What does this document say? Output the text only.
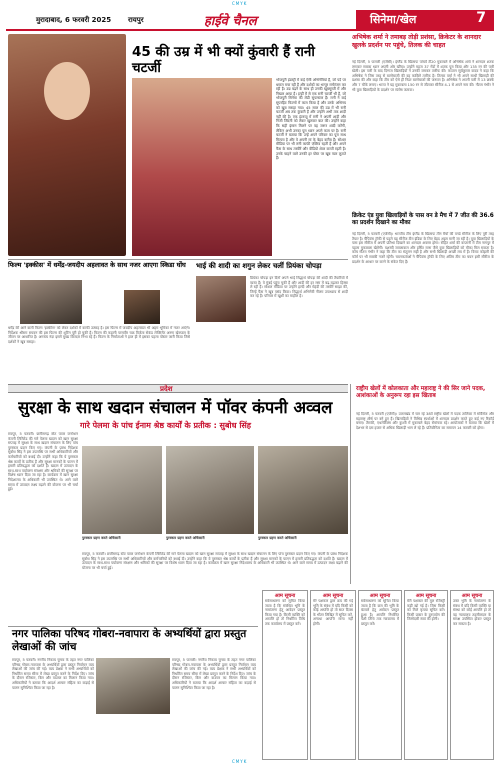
CMYK
मुरादाबाद, 6 फरवरी 2025 रायपुर	हाईवे चैनल	सिनेमा/खेल	7
45 की उम्र में भी क्यों कुंवारी हैं रानी चटर्जी
भोजपुरी इंडस्ट्री में कई ऐसी अभिनेत्रियां हैं, जो पर्दे पर धमाल मचा रही हैं और दर्शकों का भरपूर मनोरंजन कर रही हैं। उम्र बढ़ने के साथ ही उनकी खूबसूरती में और निखार आया है। इन्हीं में से एक रानी चटर्जी भी हैं, जो भोजपुरी सिनेमा की लेडी सुपरस्टार हैं। रानी ने कई सुपरहिट फिल्मों में काम किया है और उनके अभिनय को खूब सराहा गया। 45 साल की उम्र में भी रानी चटर्जी अब तक कुंवारी हैं और उन्होंने अभी तक शादी नहीं की है। एक इंटरव्यू में रानी ने अपनी शादी और निजी जिंदगी को लेकर खुलकर बात की। उन्होंने कहा कि सही इंसान मिलने पर वह जरूर शादी करेंगी, लेकिन अभी उनका पूरा ध्यान अपने काम पर है। रानी चटर्जी ने बताया कि उन्हें अपने परिवार का पूरा साथ मिलता है और वे अपनी मां के बेहद करीब हैं। सोशल मीडिया पर भी रानी काफी एक्टिव रहती हैं और अपने फैंस के साथ तस्वीरें और वीडियो शेयर करती रहती हैं। उनके चाहने वाले उनकी हर पोस्ट पर खूब प्यार लुटाते हैं।
अभिषेक शर्मा ने तमाबड़ तोड़ी प्रशंसा, क्रिकेटर के शानदार खुलके प्रदर्शन पर पहुंचे, तिलक की चाहत
नई दिल्ली, 5 फरवरी (एजेंसी)। इंग्लैंड के खिलाफ पांचवें टी20 मुकाबले में अभिषेक शर्मा ने शानदार शतक लगाकर सबका ध्यान अपनी ओर खींचा। उन्होंने महज 37 गेंदों में शतक पूरा किया और 135 रन की पारी खेली। इस पारी के बाद दिग्गज खिलाड़ियों ने उनकी जमकर तारीफ की। कप्तान सूर्यकुमार यादव ने कहा कि अभिषेक ने जिस तरह से बल्लेबाजी की वह काबिले तारीफ है। तिलक वर्मा ने भी अपने साथी खिलाड़ी की प्रशंसा की और कहा कि टीम को ऐसे ही निडर बल्लेबाजों की जरूरत है। अभिषेक ने अपनी पारी में 13 छक्के और 7 चौके लगाए। भारत ने यह मुकाबला 150 रन से जीतकर सीरीज 4-1 से अपने नाम की। गौतम गंभीर ने भी युवा खिलाड़ियों के प्रदर्शन पर संतोष जताया।
क्रिकेट एंड युवा खिलाड़ियों के पास वन डे मैच में 7 जीत की 36.6 का प्रदर्शन दिखाने का मौका
नई दिल्ली, 5 फरवरी (एजेंसी)। भारतीय टीम इंग्लैंड के खिलाफ तीन मैचों की वनडे सीरीज के लिए पूरी तरह तैयार है। चैंपियंस ट्रॉफी से पहले यह सीरीज टीम इंडिया के लिए बेहद अहम मानी जा रही है। युवा खिलाड़ियों के पास इस सीरीज में अपनी प्रतिभा दिखाने का शानदार अवसर होगा। रोहित शर्मा की कप्तानी में टीम नागपुर में पहला मुकाबला खेलेगी। यशस्वी जायसवाल और हर्षित राणा जैसे युवा खिलाड़ियों को मौका मिल सकता है। कोच गौतम गंभीर ने कहा कि टीम का संतुलन सही है और सभी खिलाड़ी अच्छी लय में हैं। विराट कोहली की फॉर्म पर भी सबकी नजरें रहेंगी। चयनकर्ताओं ने चैंपियंस ट्रॉफी के लिए अंतिम टीम का चयन इसी सीरीज के प्रदर्शन के आधार पर करने के संकेत दिए हैं।
फिल्म 'इक्कीस' में धर्मेंद्र-जयदीप अहलावत के साथ नजर आएगा स्किडा घोंघ
धर्मेंद्र की आने वाली फिल्म 'इक्कीस' को लेकर दर्शकों में काफी उत्साह है। इस फिल्म में जयदीप अहलावत भी अहम भूमिका में नजर आएंगे। निर्देशक श्रीराम राघवन की इस फिल्म की शूटिंग पूरी हो चुकी है। फिल्म की कहानी परमवीर चक्र विजेता सेकंड लेफ्टिनेंट अरुण खेत्रपाल के जीवन पर आधारित है। अगस्त्य नंदा इसमें मुख्य किरदार निभा रहे हैं। फिल्म के निर्माताओं ने हाल ही में इसका पहला पोस्टर जारी किया जिसे दर्शकों ने खूब सराहा।
भाई की शादी का शगुन लेकर चलीं प्रियंका चोपड़ा
प्रियंका चोपड़ा इन दिनों अपने भाई सिद्धार्थ चोपड़ा की शादी की तैयारियों में व्यस्त हैं। वे मुंबई पहुंच चुकी हैं और शादी की हर रस्म में बढ़-चढ़कर हिस्सा ले रही हैं। सोशल मीडिया पर उन्होंने हल्दी और मेहंदी की तस्वीरें साझा कीं, जिन्हें फैंस ने खूब पसंद किया। सिद्धार्थ अभिनेत्री नीलम उपाध्याय से शादी कर रहे हैं। परिवार में खुशी का माहौल है।
प्रदेश
सुरक्षा के साथ खदान संचालन में पॉवर कंपनी अव्वल
गारे पेलमा के पांच ईनाम श्रेष्ठ कार्यों के प्रतीक : सुबोध सिंह
रायपुर, 5 फरवरी। छत्तीसगढ़ स्टेट पावर जनरेशन कंपनी लिमिटेड की गारे पेलमा खदान को खान सुरक्षा सप्ताह में सुरक्षा के साथ खदान संचालन के लिए पांच पुरस्कार प्रदान किए गए। कंपनी के प्रबंध निदेशक सुबोध सिंह ने इस उपलब्धि पर सभी अधिकारियों और कर्मचारियों को बधाई दी। उन्होंने कहा कि ये पुरस्कार श्रेष्ठ कार्यों के प्रतीक हैं और सुरक्षा मानकों के पालन में हमारी प्रतिबद्धता को दर्शाते हैं। खदान में उत्पादन के साथ-साथ पर्यावरण संरक्षण और श्रमिकों की सुरक्षा पर विशेष ध्यान दिया जा रहा है। कार्यक्रम में खान सुरक्षा निदेशालय के अधिकारी भी उपस्थित थे। आने वाले समय में उत्पादन लक्ष्य बढ़ाने की योजना पर भी चर्चा हुई।
पुरस्कार ग्रहण करते अधिकारी	पुरस्कार ग्रहण करते अधिकारी	पुरस्कार ग्रहण करते अधिकारी
रायपुर, 5 फरवरी। छत्तीसगढ़ स्टेट पावर जनरेशन कंपनी लिमिटेड की गारे पेलमा खदान को खान सुरक्षा सप्ताह में सुरक्षा के साथ खदान संचालन के लिए पांच पुरस्कार प्रदान किए गए। कंपनी के प्रबंध निदेशक सुबोध सिंह ने इस उपलब्धि पर सभी अधिकारियों और कर्मचारियों को बधाई दी। उन्होंने कहा कि ये पुरस्कार श्रेष्ठ कार्यों के प्रतीक हैं और सुरक्षा मानकों के पालन में हमारी प्रतिबद्धता को दर्शाते हैं। खदान में उत्पादन के साथ-साथ पर्यावरण संरक्षण और श्रमिकों की सुरक्षा पर विशेष ध्यान दिया जा रहा है। कार्यक्रम में खान सुरक्षा निदेशालय के अधिकारी भी उपस्थित थे। आने वाले समय में उत्पादन लक्ष्य बढ़ाने की योजना पर भी चर्चा हुई।
राष्ट्रीय खेलों में कोलकाता और महाराष्ट्र ने की सिर जाने पदक, आशंकाओं के अनुरूप रहा इस खिताब
नई दिल्ली, 5 फरवरी (एजेंसी)। उत्तराखंड में चल रहे 38वें राष्ट्रीय खेलों में पदक तालिका में सर्विसेज और महाराष्ट्र शीर्ष पर बने हुए हैं। खिलाड़ियों ने विभिन्न स्पर्धाओं में शानदार प्रदर्शन करते हुए कई नए रिकॉर्ड बनाए। तैराकी, एथलेटिक्स और कुश्ती में मुकाबले बेहद रोमांचक रहे। आयोजकों ने बताया कि खेलों में देशभर से दस हजार से अधिक खिलाड़ी भाग ले रहे हैं। प्रतियोगिता का समापन 14 फरवरी को होगा।
नगर पालिका परिषद गोबरा-नवापारा के अभ्यर्थियों द्वारा प्रस्तुत लेखाओं की जांच
रायपुर, 5 फरवरी। नगरीय निकाय चुनाव के तहत नगर पालिका परिषद गोबरा-नवापारा के अभ्यर्थियों द्वारा प्रस्तुत निर्वाचन व्यय लेखाओं की जांच की गई। व्यय प्रेक्षक ने सभी अभ्यर्थियों को निर्धारित समय सीमा में लेखा प्रस्तुत करने के निर्देश दिए। जांच के दौरान रजिस्टर, बिल और वाउचर का मिलान किया गया। अधिकारियों ने बताया कि आदर्श आचार संहिता का कड़ाई से पालन सुनिश्चित किया जा रहा है।
रायपुर, 5 फरवरी। नगरीय निकाय चुनाव के तहत नगर पालिका परिषद गोबरा-नवापारा के अभ्यर्थियों द्वारा प्रस्तुत निर्वाचन व्यय लेखाओं की जांच की गई। व्यय प्रेक्षक ने सभी अभ्यर्थियों को निर्धारित समय सीमा में लेखा प्रस्तुत करने के निर्देश दिए। जांच के दौरान रजिस्टर, बिल और वाउचर का मिलान किया गया। अधिकारियों ने बताया कि आदर्श आचार संहिता का कड़ाई से पालन सुनिश्चित किया जा रहा है।
आम सूचना
सर्वसाधारण को सूचित किया जाता है कि संबंधित भूमि के नामांतरण हेतु आवेदन प्रस्तुत किया गया है। किसी व्यक्ति को आपत्ति हो तो निर्धारित तिथि तक कार्यालय में प्रस्तुत करें।
आम सूचना
मेरे पक्षकार द्वारा क्रय की गई भूमि के संबंध में यदि किसी को कोई आपत्ति हो तो सात दिवस के भीतर लिखित में सूचित करें, अन्यथा आपत्ति मान्य नहीं होगी।
आम सूचना
सर्वसाधारण को सूचित किया जाता है कि ग्राम की भूमि के बंटवारे हेतु आवेदन प्रस्तुत हुआ है। आपत्ति निर्धारित पेशी तिथि तक न्यायालय में प्रस्तुत करें।
आम सूचना
मेरी पक्षकार की मूल रजिस्ट्री कहीं खो गई है। जिस किसी को मिले कृपया सूचित करें। किसी प्रकार के दुरुपयोग की जिम्मेदारी स्वयं की होगी।
आम सूचना
उक्त भूमि के नामांतरण के संबंध में यदि किसी व्यक्ति या संस्था को कोई आपत्ति हो तो वह न्यायालय तहसीलदार के समक्ष उपस्थित होकर प्रस्तुत कर सकता है।
CMYK
